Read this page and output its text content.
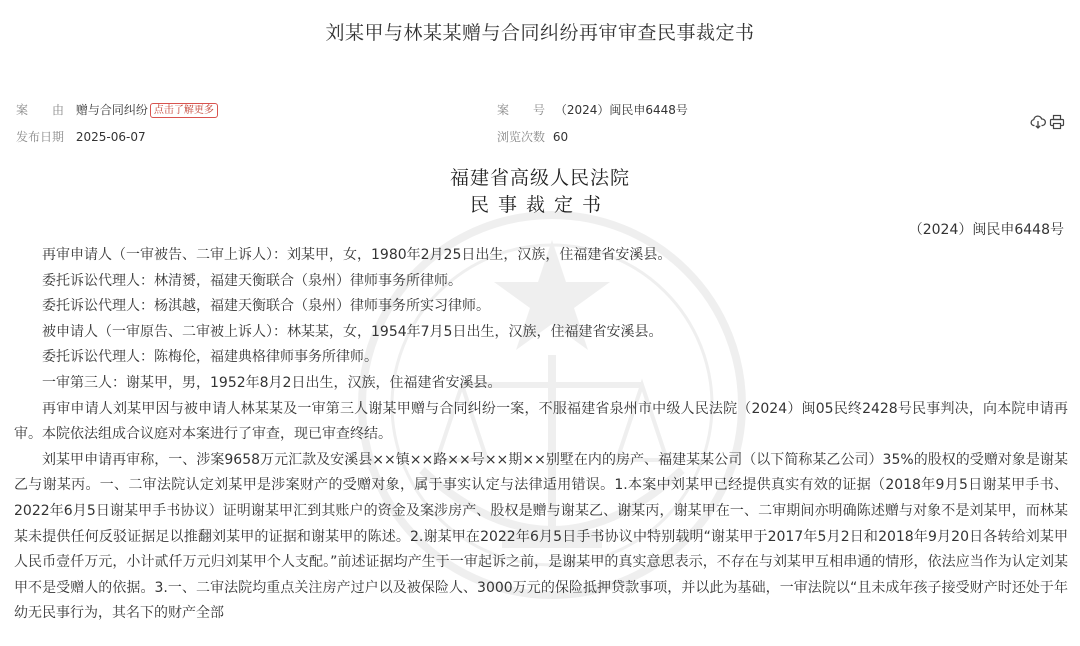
刘某甲与林某某赠与合同纠纷再审审查民事裁定书
案　　由 赠与合同纠纷 点击了解更多	案　　号 （2024）闽民申6448号
发布日期 2025-06-07	浏览次数 60
福建省高级人民法院
民事裁定书
（2024）闽民申6448号

再审申请人（一审被告、二审上诉人）：刘某甲，女，1980年2月25日出生，汉族，住福建省安溪县。

委托诉讼代理人：林清赟，福建天衡联合（泉州）律师事务所律师。

委托诉讼代理人：杨淇越，福建天衡联合（泉州）律师事务所实习律师。

被申请人（一审原告、二审被上诉人）：林某某，女，1954年7月5日出生，汉族，住福建省安溪县。

委托诉讼代理人：陈梅伦，福建典格律师事务所律师。

一审第三人：谢某甲，男，1952年8月2日出生，汉族，住福建省安溪县。

再审申请人刘某甲因与被申请人林某某及一审第三人谢某甲赠与合同纠纷一案，不服福建省泉州市中级人民法院（2024）闽05民终2428号民事判决，向本院申请再审。本院依法组成合议庭对本案进行了审查，现已审查终结。

刘某甲申请再审称，一、涉案9658万元汇款及安溪县××镇××路××号××期××别墅在内的房产、福建某某公司（以下简称某乙公司）35%的股权的受赠对象是谢某乙与谢某丙。一、二审法院认定刘某甲是涉案财产的受赠对象，属于事实认定与法律适用错误。1.本案中刘某甲已经提供真实有效的证据（2018年9月5日谢某甲手书、2022年6月5日谢某甲手书协议）证明谢某甲汇到其账户的资金及案涉房产、股权是赠与谢某乙、谢某丙，谢某甲在一、二审期间亦明确陈述赠与对象不是刘某甲，而林某某未提供任何反驳证据足以推翻刘某甲的证据和谢某甲的陈述。2.谢某甲在2022年6月5日手书协议中特别载明“谢某甲于2017年5月2日和2018年9月20日各转给刘某甲人民币壹仟万元，小计贰仟万元归刘某甲个人支配。”前述证据均产生于一审起诉之前，是谢某甲的真实意思表示，不存在与刘某甲互相串通的情形，依法应当作为认定刘某甲不是受赠人的依据。3.一、二审法院均重点关注房产过户以及被保险人、3000万元的保险抵押贷款事项，并以此为基础，一审法院以“且未成年孩子接受财产时还处于年幼无民事行为，其名下的财产全部
